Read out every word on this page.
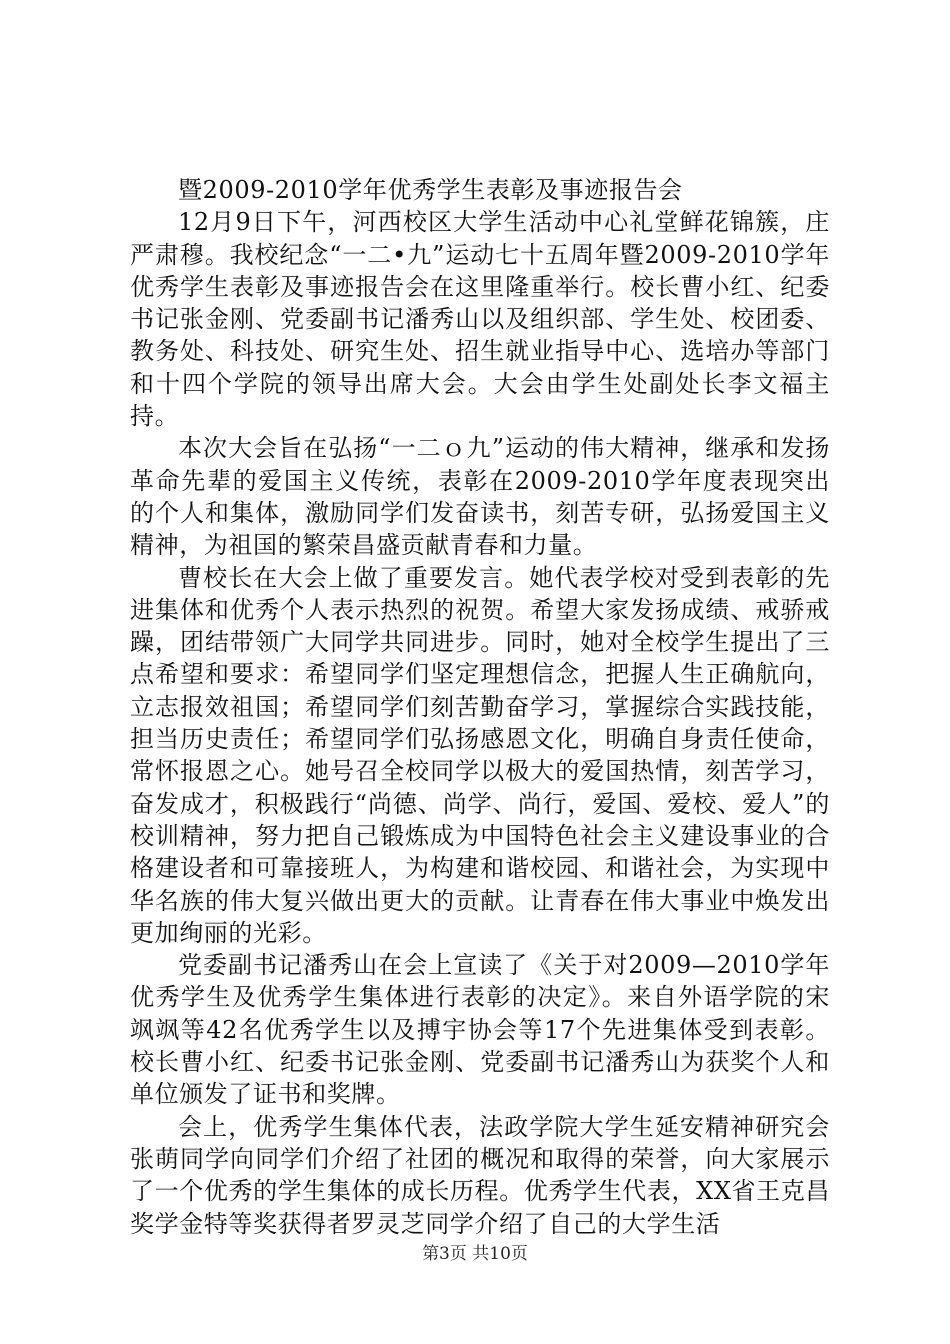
暨2009-2010学年优秀学生表彰及事迹报告会

12月9日下午，河西校区大学生活动中心礼堂鲜花锦簇，庄严肃穆。我校纪念“一二•九”运动七十五周年暨2009-2010学年优秀学生表彰及事迹报告会在这里隆重举行。校长曹小红、纪委书记张金刚、党委副书记潘秀山以及组织部、学生处、校团委、教务处、科技处、研究生处、招生就业指导中心、选培办等部门和十四个学院的领导出席大会。大会由学生处副处长李文福主持。

本次大会旨在弘扬“一二ｏ九”运动的伟大精神，继承和发扬革命先辈的爱国主义传统，表彰在2009-2010学年度表现突出的个人和集体，激励同学们发奋读书，刻苦专研，弘扬爱国主义精神，为祖国的繁荣昌盛贡献青春和力量。

曹校长在大会上做了重要发言。她代表学校对受到表彰的先进集体和优秀个人表示热烈的祝贺。希望大家发扬成绩、戒骄戒躁，团结带领广大同学共同进步。同时，她对全校学生提出了三点希望和要求：希望同学们坚定理想信念，把握人生正确航向，立志报效祖国；希望同学们刻苦勤奋学习，掌握综合实践技能，担当历史责任；希望同学们弘扬感恩文化，明确自身责任使命，常怀报恩之心。她号召全校同学以极大的爱国热情，刻苦学习，奋发成才，积极践行“尚德、尚学、尚行，爱国、爱校、爱人”的校训精神，努力把自己锻炼成为中国特色社会主义建设事业的合格建设者和可靠接班人，为构建和谐校园、和谐社会，为实现中华名族的伟大复兴做出更大的贡献。让青春在伟大事业中焕发出更加绚丽的光彩。

党委副书记潘秀山在会上宣读了《关于对2009—2010学年优秀学生及优秀学生集体进行表彰的决定》。来自外语学院的宋飒飒等42名优秀学生以及搏宇协会等17个先进集体受到表彰。校长曹小红、纪委书记张金刚、党委副书记潘秀山为获奖个人和单位颁发了证书和奖牌。

会上，优秀学生集体代表，法政学院大学生延安精神研究会张萌同学向同学们介绍了社团的概况和取得的荣誉，向大家展示了一个优秀的学生集体的成长历程。优秀学生代表，XX省王克昌奖学金特等奖获得者罗灵芝同学介绍了自己的大学生活

第3页 共10页
